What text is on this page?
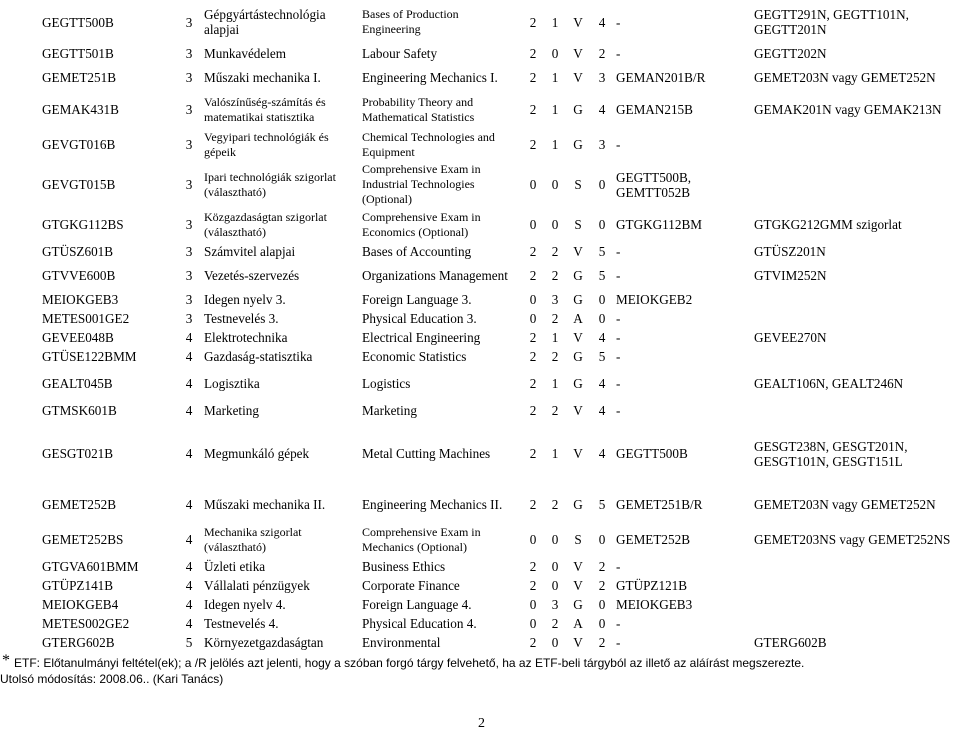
GEGTT500B	3	Gépgyártástechnológia alapjai	Bases of Production Engineering	2	1	V	4	-	GEGTT291N, GEGTT101N, GEGTT201N
GEGTT501B	3	Munkavédelem	Labour Safety	2	0	V	2	-	GEGTT202N
GEMET251B	3	Műszaki mechanika I.	Engineering Mechanics I.	2	1	V	3	GEMAN201B/R	GEMET203N vagy GEMET252N
GEMAK431B	3	Valószínűség-számítás és matematikai statisztika	Probability Theory and Mathematical Statistics	2	1	G	4	GEMAN215B	GEMAK201N vagy GEMAK213N
GEVGT016B	3	Vegyipari technológiák és gépeik	Chemical Technologies and Equipment	2	1	G	3	-	
GEVGT015B	3	Ipari technológiák szigorlat (választható)	Comprehensive Exam in Industrial Technologies (Optional)	0	0	S	0	GEGTT500B, GEMTT052B	
GTGKG112BS	3	Közgazdaságtan szigorlat (választható)	Comprehensive Exam in Economics (Optional)	0	0	S	0	GTGKG112BM	GTGKG212GMM szigorlat
GTÜSZ601B	3	Számvitel alapjai	Bases of Accounting	2	2	V	5	-	GTÜSZ201N
GTVVE600B	3	Vezetés-szervezés	Organizations Management	2	2	G	5	-	GTVIM252N
MEIOKGEB3	3	Idegen nyelv 3.	Foreign Language 3.	0	3	G	0	MEIOKGEB2	
METES001GE2	3	Testnevelés 3.	Physical Education 3.	0	2	A	0	-	
GEVEE048B	4	Elektrotechnika	Electrical Engineering	2	1	V	4	-	GEVEE270N
GTÜSE122BMM	4	Gazdaság-statisztika	Economic Statistics	2	2	G	5	-	
GEALT045B	4	Logisztika	Logistics	2	1	G	4	-	GEALT106N, GEALT246N
GTMSK601B	4	Marketing	Marketing	2	2	V	4	-	
GESGT021B	4	Megmunkáló gépek	Metal Cutting Machines	2	1	V	4	GEGTT500B	GESGT238N, GESGT201N, GESGT101N, GESGT151L
GEMET252B	4	Műszaki mechanika II.	Engineering Mechanics II.	2	2	G	5	GEMET251B/R	GEMET203N vagy GEMET252N
GEMET252BS	4	Mechanika szigorlat (választható)	Comprehensive Exam in Mechanics (Optional)	0	0	S	0	GEMET252B	GEMET203NS vagy GEMET252NS
GTGVA601BMM	4	Üzleti etika	Business Ethics	2	0	V	2	-	
GTÜPZ141B	4	Vállalati pénzügyek	Corporate Finance	2	0	V	2	GTÜPZ121B	
MEIOKGEB4	4	Idegen nyelv 4.	Foreign Language 4.	0	3	G	0	MEIOKGEB3	
METES002GE2	4	Testnevelés 4.	Physical Education 4.	0	2	A	0	-	
GTERG602B	5	Környezetgazdaságtan	Environmental	2	0	V	2	-	GTERG602B
* ETF: Előtanulmányi feltétel(ek); a /R jelölés azt jelenti, hogy a szóban forgó tárgy felvehető, ha az ETF-beli tárgyból az illető az aláírást megszerezte.
Utolsó módosítás: 2008.06.. (Kari Tanács)
2
